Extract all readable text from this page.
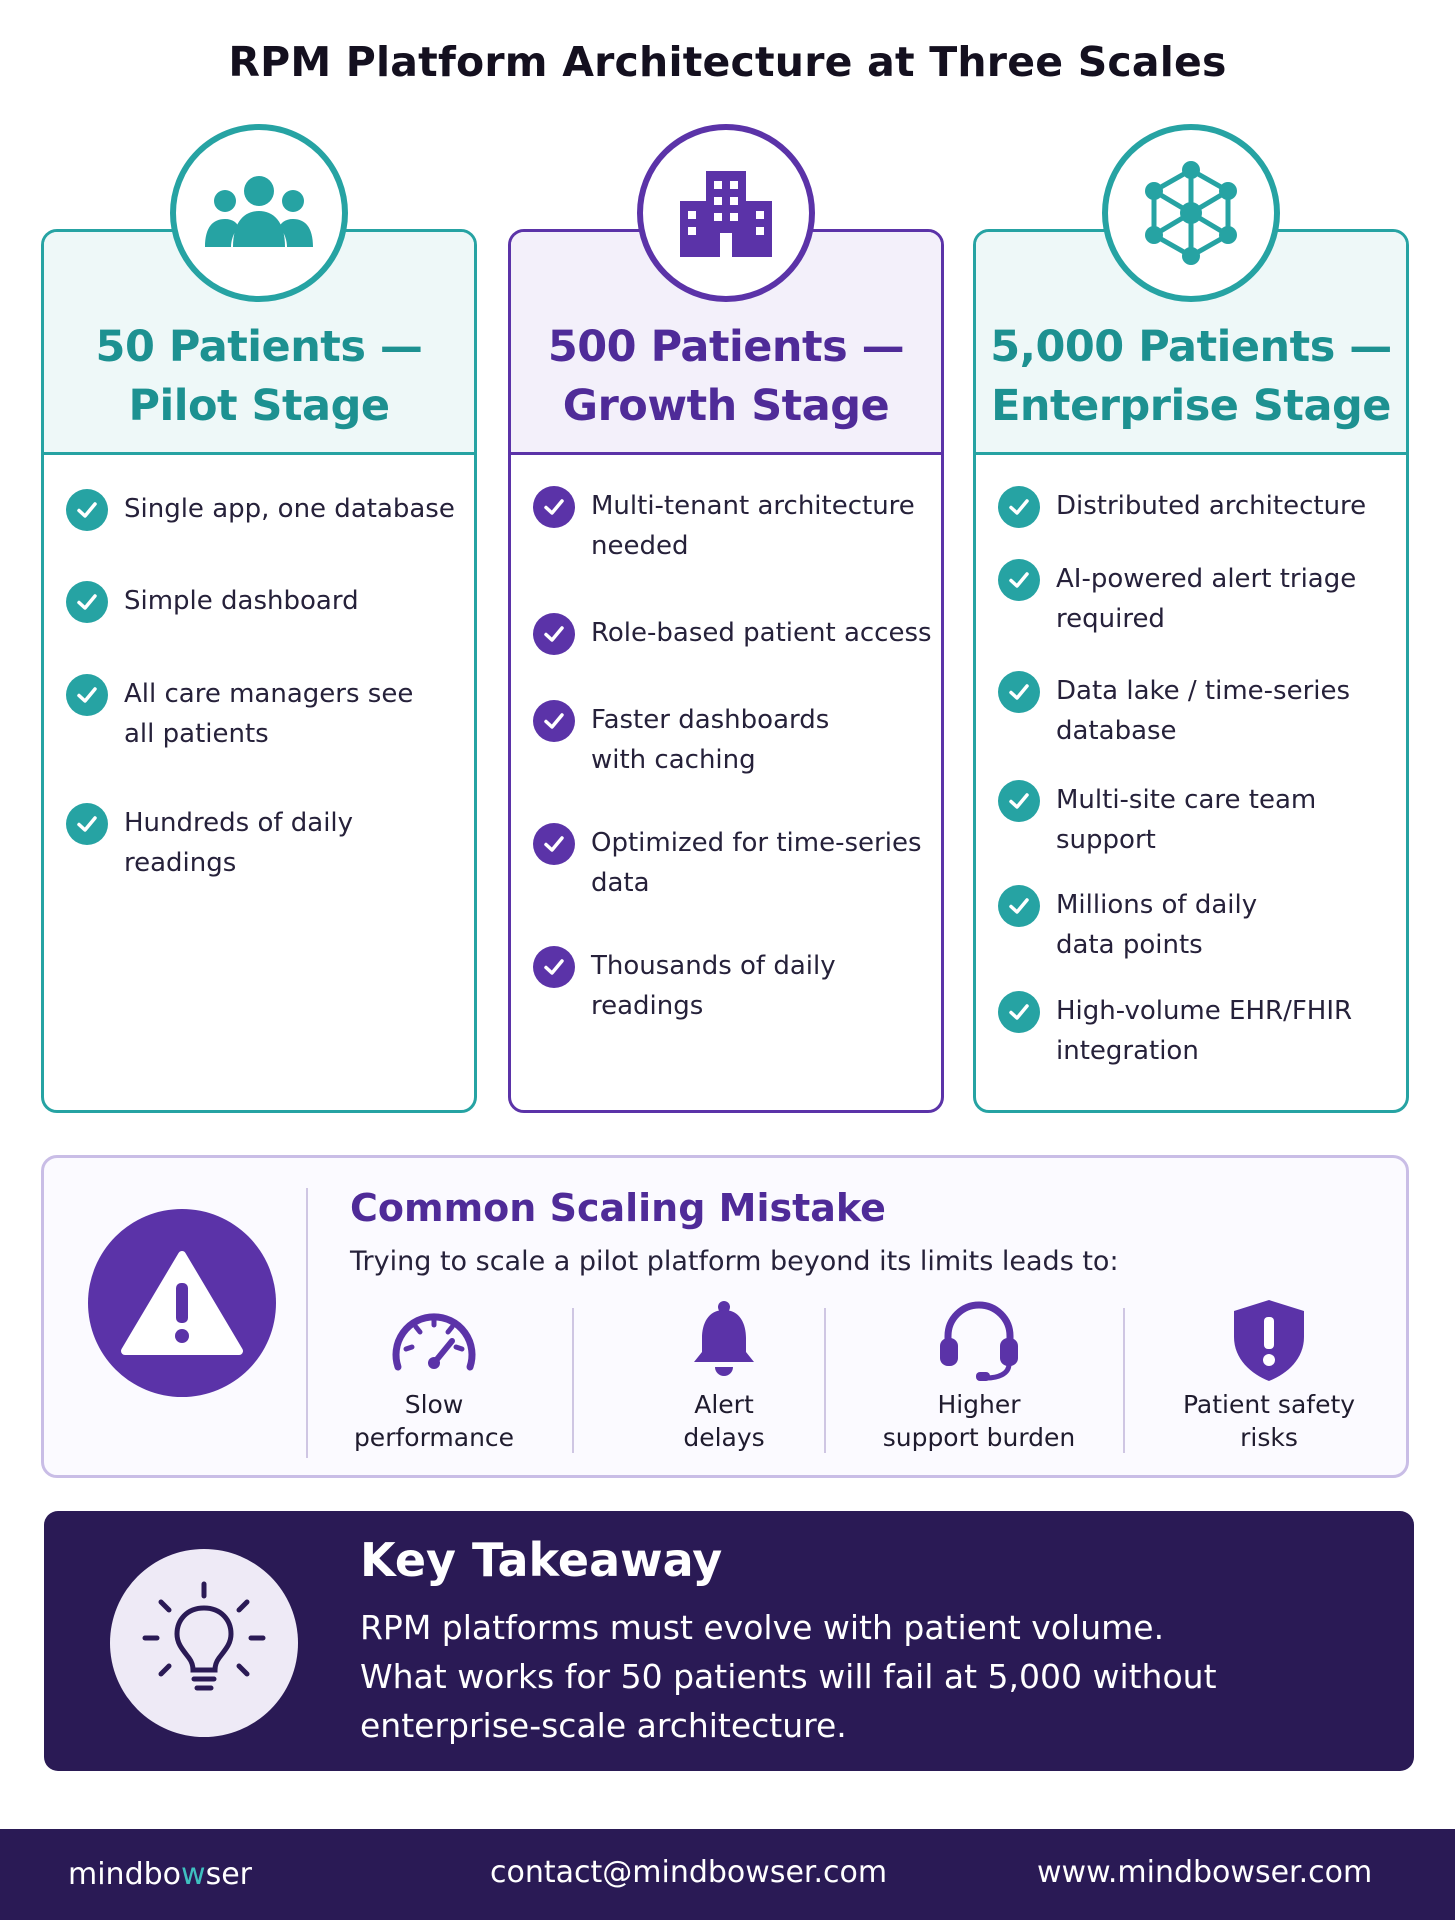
RPM Platform Architecture at Three Scales
50 Patients —
Pilot Stage
Single app, one database
Simple dashboard
All care managers see
all patients
Hundreds of daily
readings
500 Patients —
Growth Stage
Multi-tenant architecture
needed
Role-based patient access
Faster dashboards
with caching
Optimized for time-series
data
Thousands of daily
readings
5,000 Patients —
Enterprise Stage
Distributed architecture
AI-powered alert triage
required
Data lake / time-series
database
Multi-site care team
support
Millions of daily
data points
High-volume EHR/FHIR
integration
Common Scaling Mistake
Trying to scale a pilot platform beyond its limits leads to:
Slow
performance
Alert
delays
Higher
support burden
Patient safety
risks
Key Takeaway
RPM platforms must evolve with patient volume.
What works for 50 patients will fail at 5,000 without
enterprise-scale architecture.
mindbowser	contact@mindbowser.com	www.mindbowser.com
